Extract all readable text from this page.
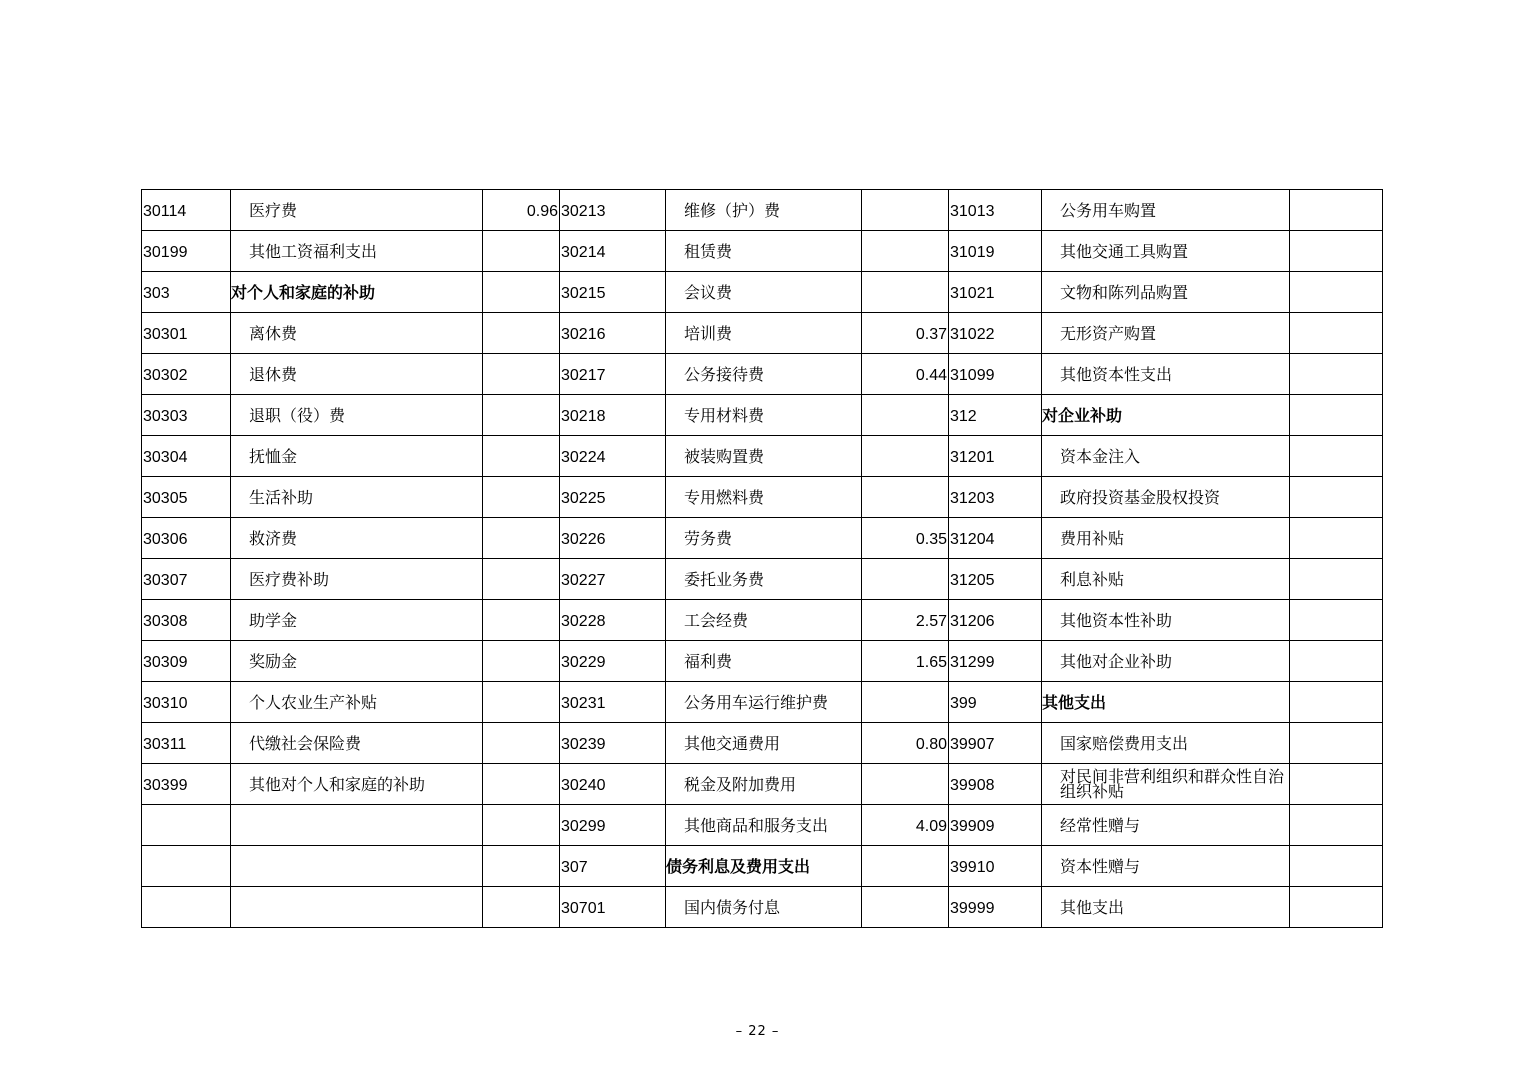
30114	医疗费	0.96	30213	维修（护）费		31013	公务用车购置	
30199	其他工资福利支出		30214	租赁费		31019	其他交通工具购置	
303	对个人和家庭的补助		30215	会议费		31021	文物和陈列品购置	
30301	离休费		30216	培训费	0.37	31022	无形资产购置	
30302	退休费		30217	公务接待费	0.44	31099	其他资本性支出	
30303	退职（役）费		30218	专用材料费		312	对企业补助	
30304	抚恤金		30224	被装购置费		31201	资本金注入	
30305	生活补助		30225	专用燃料费		31203	政府投资基金股权投资	
30306	救济费		30226	劳务费	0.35	31204	费用补贴	
30307	医疗费补助		30227	委托业务费		31205	利息补贴	
30308	助学金		30228	工会经费	2.57	31206	其他资本性补助	
30309	奖励金		30229	福利费	1.65	31299	其他对企业补助	
30310	个人农业生产补贴		30231	公务用车运行维护费		399	其他支出	
30311	代缴社会保险费		30239	其他交通费用	0.80	39907	国家赔偿费用支出	
30399	其他对个人和家庭的补助		30240	税金及附加费用		39908	对民间非营利组织和群众性自治组织补贴	
			30299	其他商品和服务支出	4.09	39909	经常性赠与	
			307	债务利息及费用支出		39910	资本性赠与	
			30701	国内债务付息		39999	其他支出	
– 22 –
